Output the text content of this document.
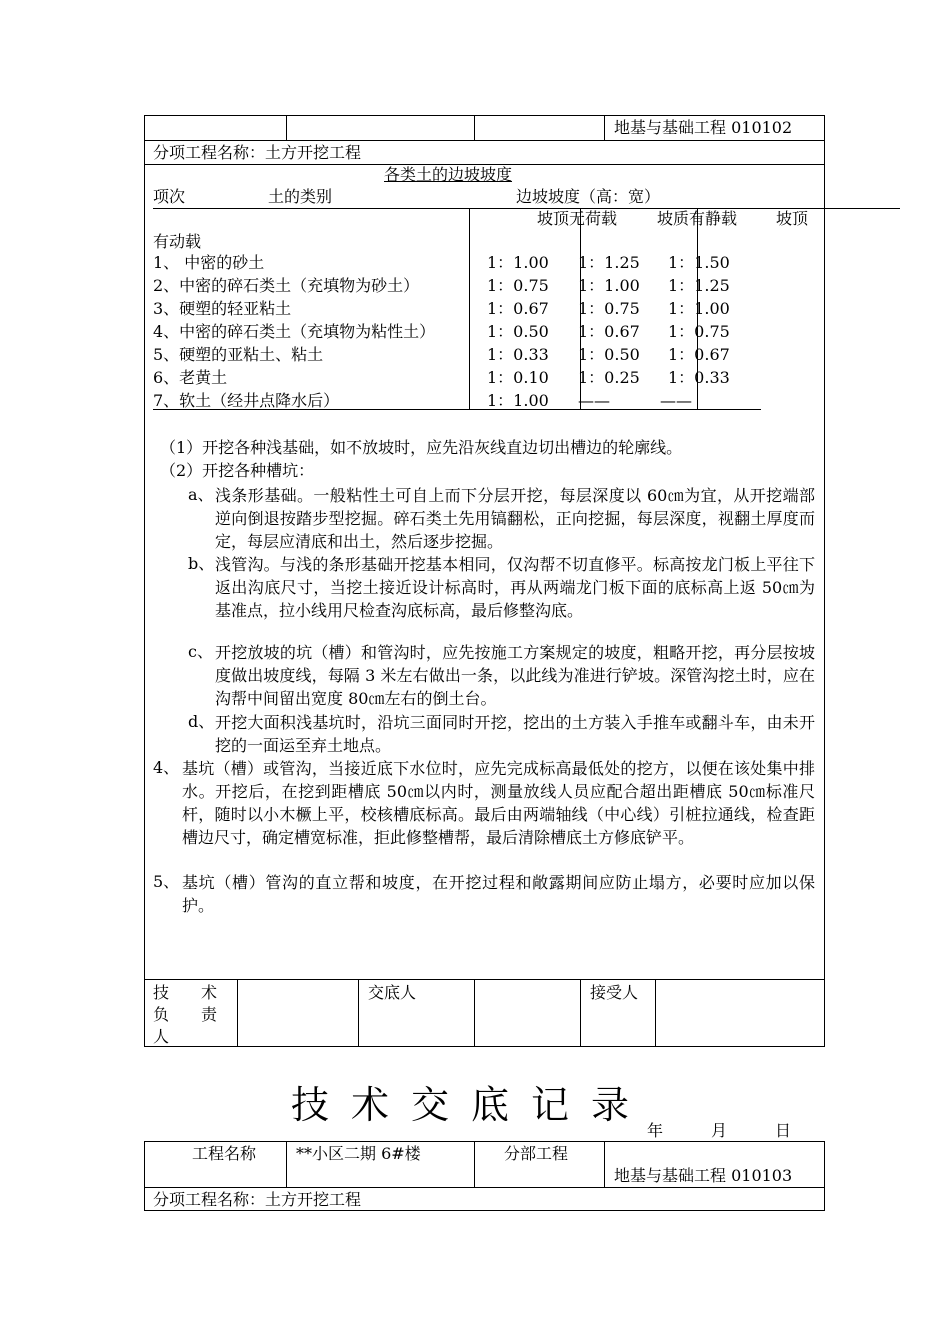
地基与基础工程 010102
分项工程名称：土方开挖工程
各类土的边坡坡度
项次	土的类别	边坡坡度（高：宽）
坡顶无荷载 坡质有静载 坡顶
有动载
1、 中密的砂土	1：1.00 1：1.25 1：1.50
2、中密的碎石类土（充填物为砂土）	1：0.75 1：1.00 1：1.25
3、硬塑的轻亚粘土	1：0.67 1：0.75 1：1.00
4、中密的碎石类土（充填物为粘性土）	1：0.50 1：0.67 1：0.75
5、硬塑的亚粘土、粘土	1：0.33 1：0.50 1：0.67
6、老黄土	1：0.10 1：0.25 1：0.33
7、软土（经井点降水后）	1：1.00 ——	——
（1）开挖各种浅基础，如不放坡时，应先沿灰线直边切出槽边的轮廓线。
（2）开挖各种槽坑：
a、 浅条形基础。一般粘性土可自上而下分层开挖，每层深度以 60㎝为宜，从开挖端部逆向倒退按踏步型挖掘。碎石类土先用镐翻松，正向挖掘，每层深度，视翻土厚度而定，每层应清底和出土，然后逐步挖掘。
b、 浅管沟。与浅的条形基础开挖基本相同，仅沟帮不切直修平。标高按龙门板上平往下返出沟底尺寸，当挖土接近设计标高时，再从两端龙门板下面的底标高上返 50㎝为基准点，拉小线用尺检查沟底标高，最后修整沟底。
c、 开挖放坡的坑（槽）和管沟时，应先按施工方案规定的坡度，粗略开挖，再分层按坡度做出坡度线，每隔 3 米左右做出一条，以此线为准进行铲坡。深管沟挖土时，应在沟帮中间留出宽度 80㎝左右的倒土台。
d、 开挖大面积浅基坑时，沿坑三面同时开挖，挖出的土方装入手推车或翻斗车，由未开挖的一面运至弃土地点。
4、 基坑（槽）或管沟，当接近底下水位时，应先完成标高最低处的挖方，以便在该处集中排水。开挖后，在挖到距槽底 50㎝以内时，测量放线人员应配合超出距槽底 50㎝标准尺杆，随时以小木橛上平，校核槽底标高。最后由两端轴线（中心线）引桩拉通线，检查距槽边尺寸，确定槽宽标准，拒此修整槽帮，最后清除槽底土方修底铲平。
5、 基坑（槽）管沟的直立帮和坡度，在开挖过程和敞露期间应防止塌方，必要时应加以保护。
技　　术
负　　责
人
交底人	接受人
技术交底记录
年　　　月　　　日
工程名称 **小区二期 6#楼	分部工程
地基与基础工程 010103
分项工程名称：土方开挖工程
